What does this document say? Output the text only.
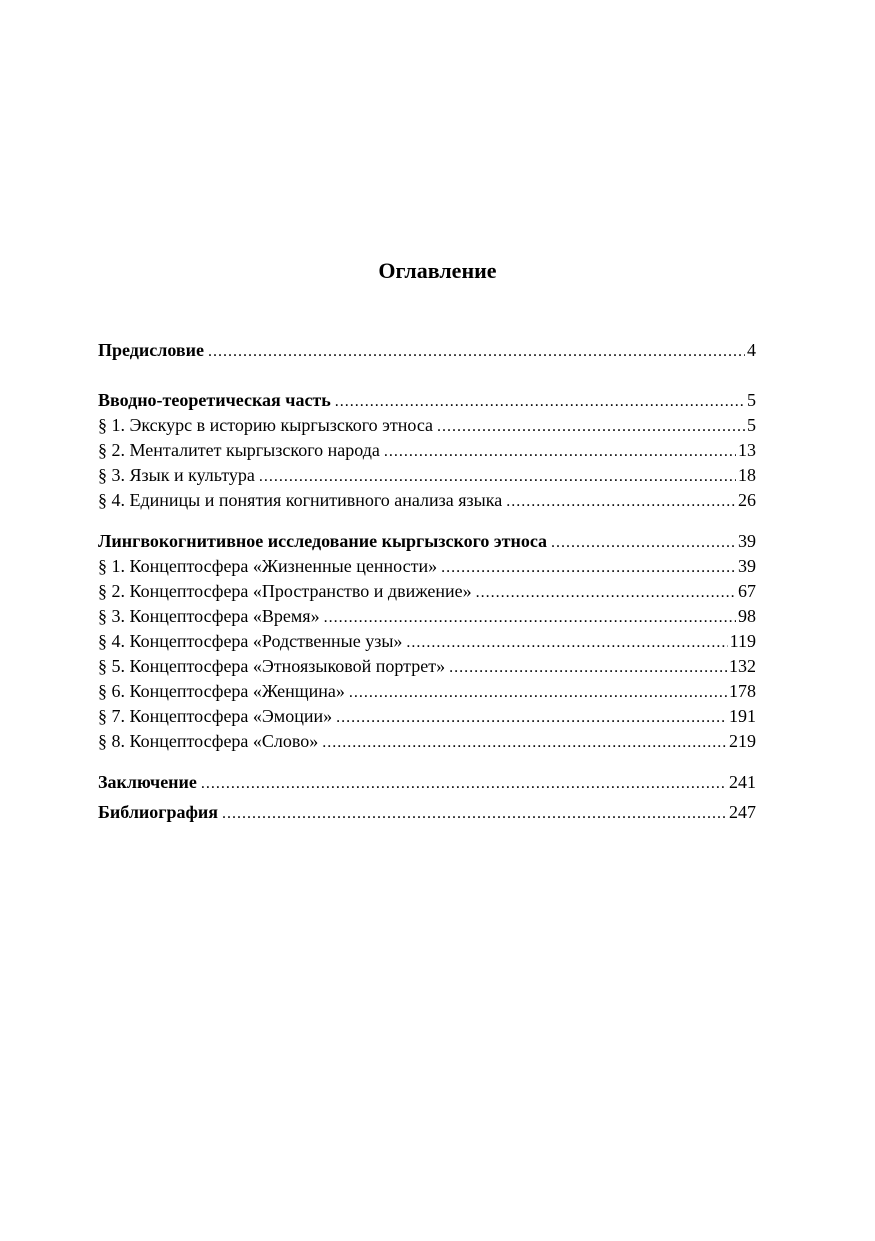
Оглавление
Предисловие .....	4
Вводно-теоретическая часть .....	5
§ 1. Экскурс в историю кыргызского этноса .....	5
§ 2. Менталитет кыргызского народа .....	13
§ 3. Язык и культура .....	18
§ 4. Единицы и понятия когнитивного анализа языка .....	26
Лингвокогнитивное исследование кыргызского этноса .....	39
§ 1. Концептосфера «Жизненные ценности» .....	39
§ 2. Концептосфера «Пространство и движение» .....	67
§ 3. Концептосфера «Время» .....	98
§ 4. Концептосфера «Родственные узы» .....	119
§ 5. Концептосфера «Этноязыковой портрет» .....	132
§ 6. Концептосфера «Женщина» .....	178
§ 7. Концептосфера «Эмоции» .....	191
§ 8. Концептосфера «Слово» .....	219
Заключение .....	241
Библиография .....	247
